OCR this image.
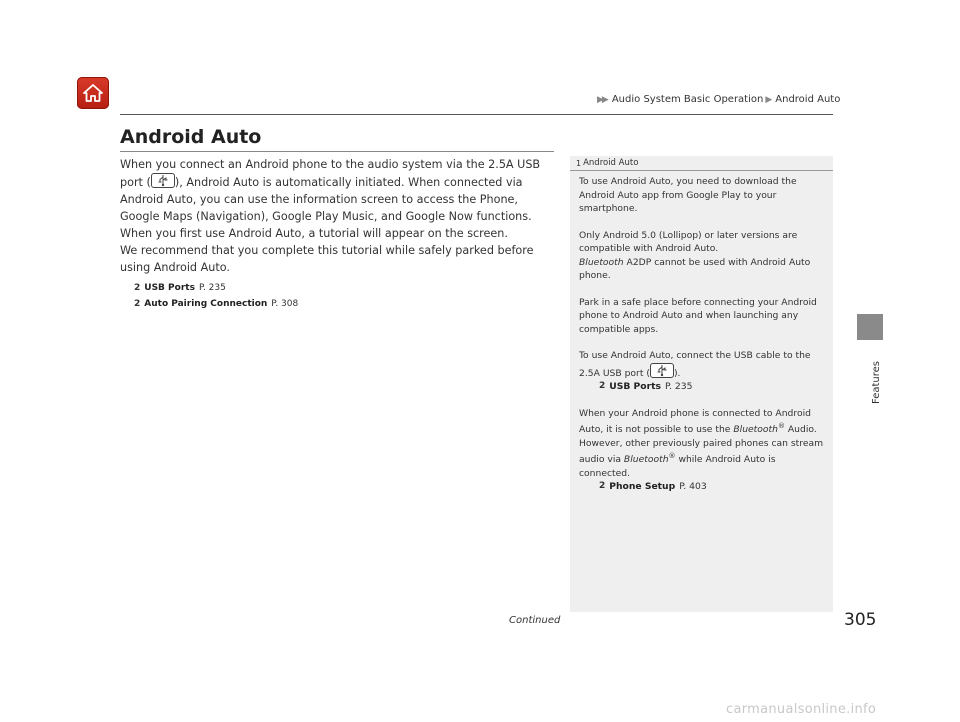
▶▶ Audio System Basic Operation ▶ Android Auto
Features
Android Auto

When you connect an Android phone to the audio system via the 2.5A USB port ( ), Android Auto is automatically initiated. When connected via Android Auto, you can use the information screen to access the Phone, Google Maps (Navigation), Google Play Music, and Google Now functions. When you first use Android Auto, a tutorial will appear on the screen.

We recommend that you complete this tutorial while safely parked before using Android Auto.

2 USB Ports P. 235
2 Auto Pairing Connection P. 308
1 Android Auto

To use Android Auto, you need to download the Android Auto app from Google Play to your smartphone.

Only Android 5.0 (Lollipop) or later versions are compatible with Android Auto.
Bluetooth A2DP cannot be used with Android Auto phone.

Park in a safe place before connecting your Android phone to Android Auto and when launching any compatible apps.

To use Android Auto, connect the USB cable to the 2.5A USB port (	).

2 USB Ports P. 235

When your Android phone is connected to Android Auto, it is not possible to use the Bluetooth® Audio. However, other previously paired phones can stream audio via Bluetooth® while Android Auto is connected.

2 Phone Setup P. 403
Continued	305
carmanualsonline.info
